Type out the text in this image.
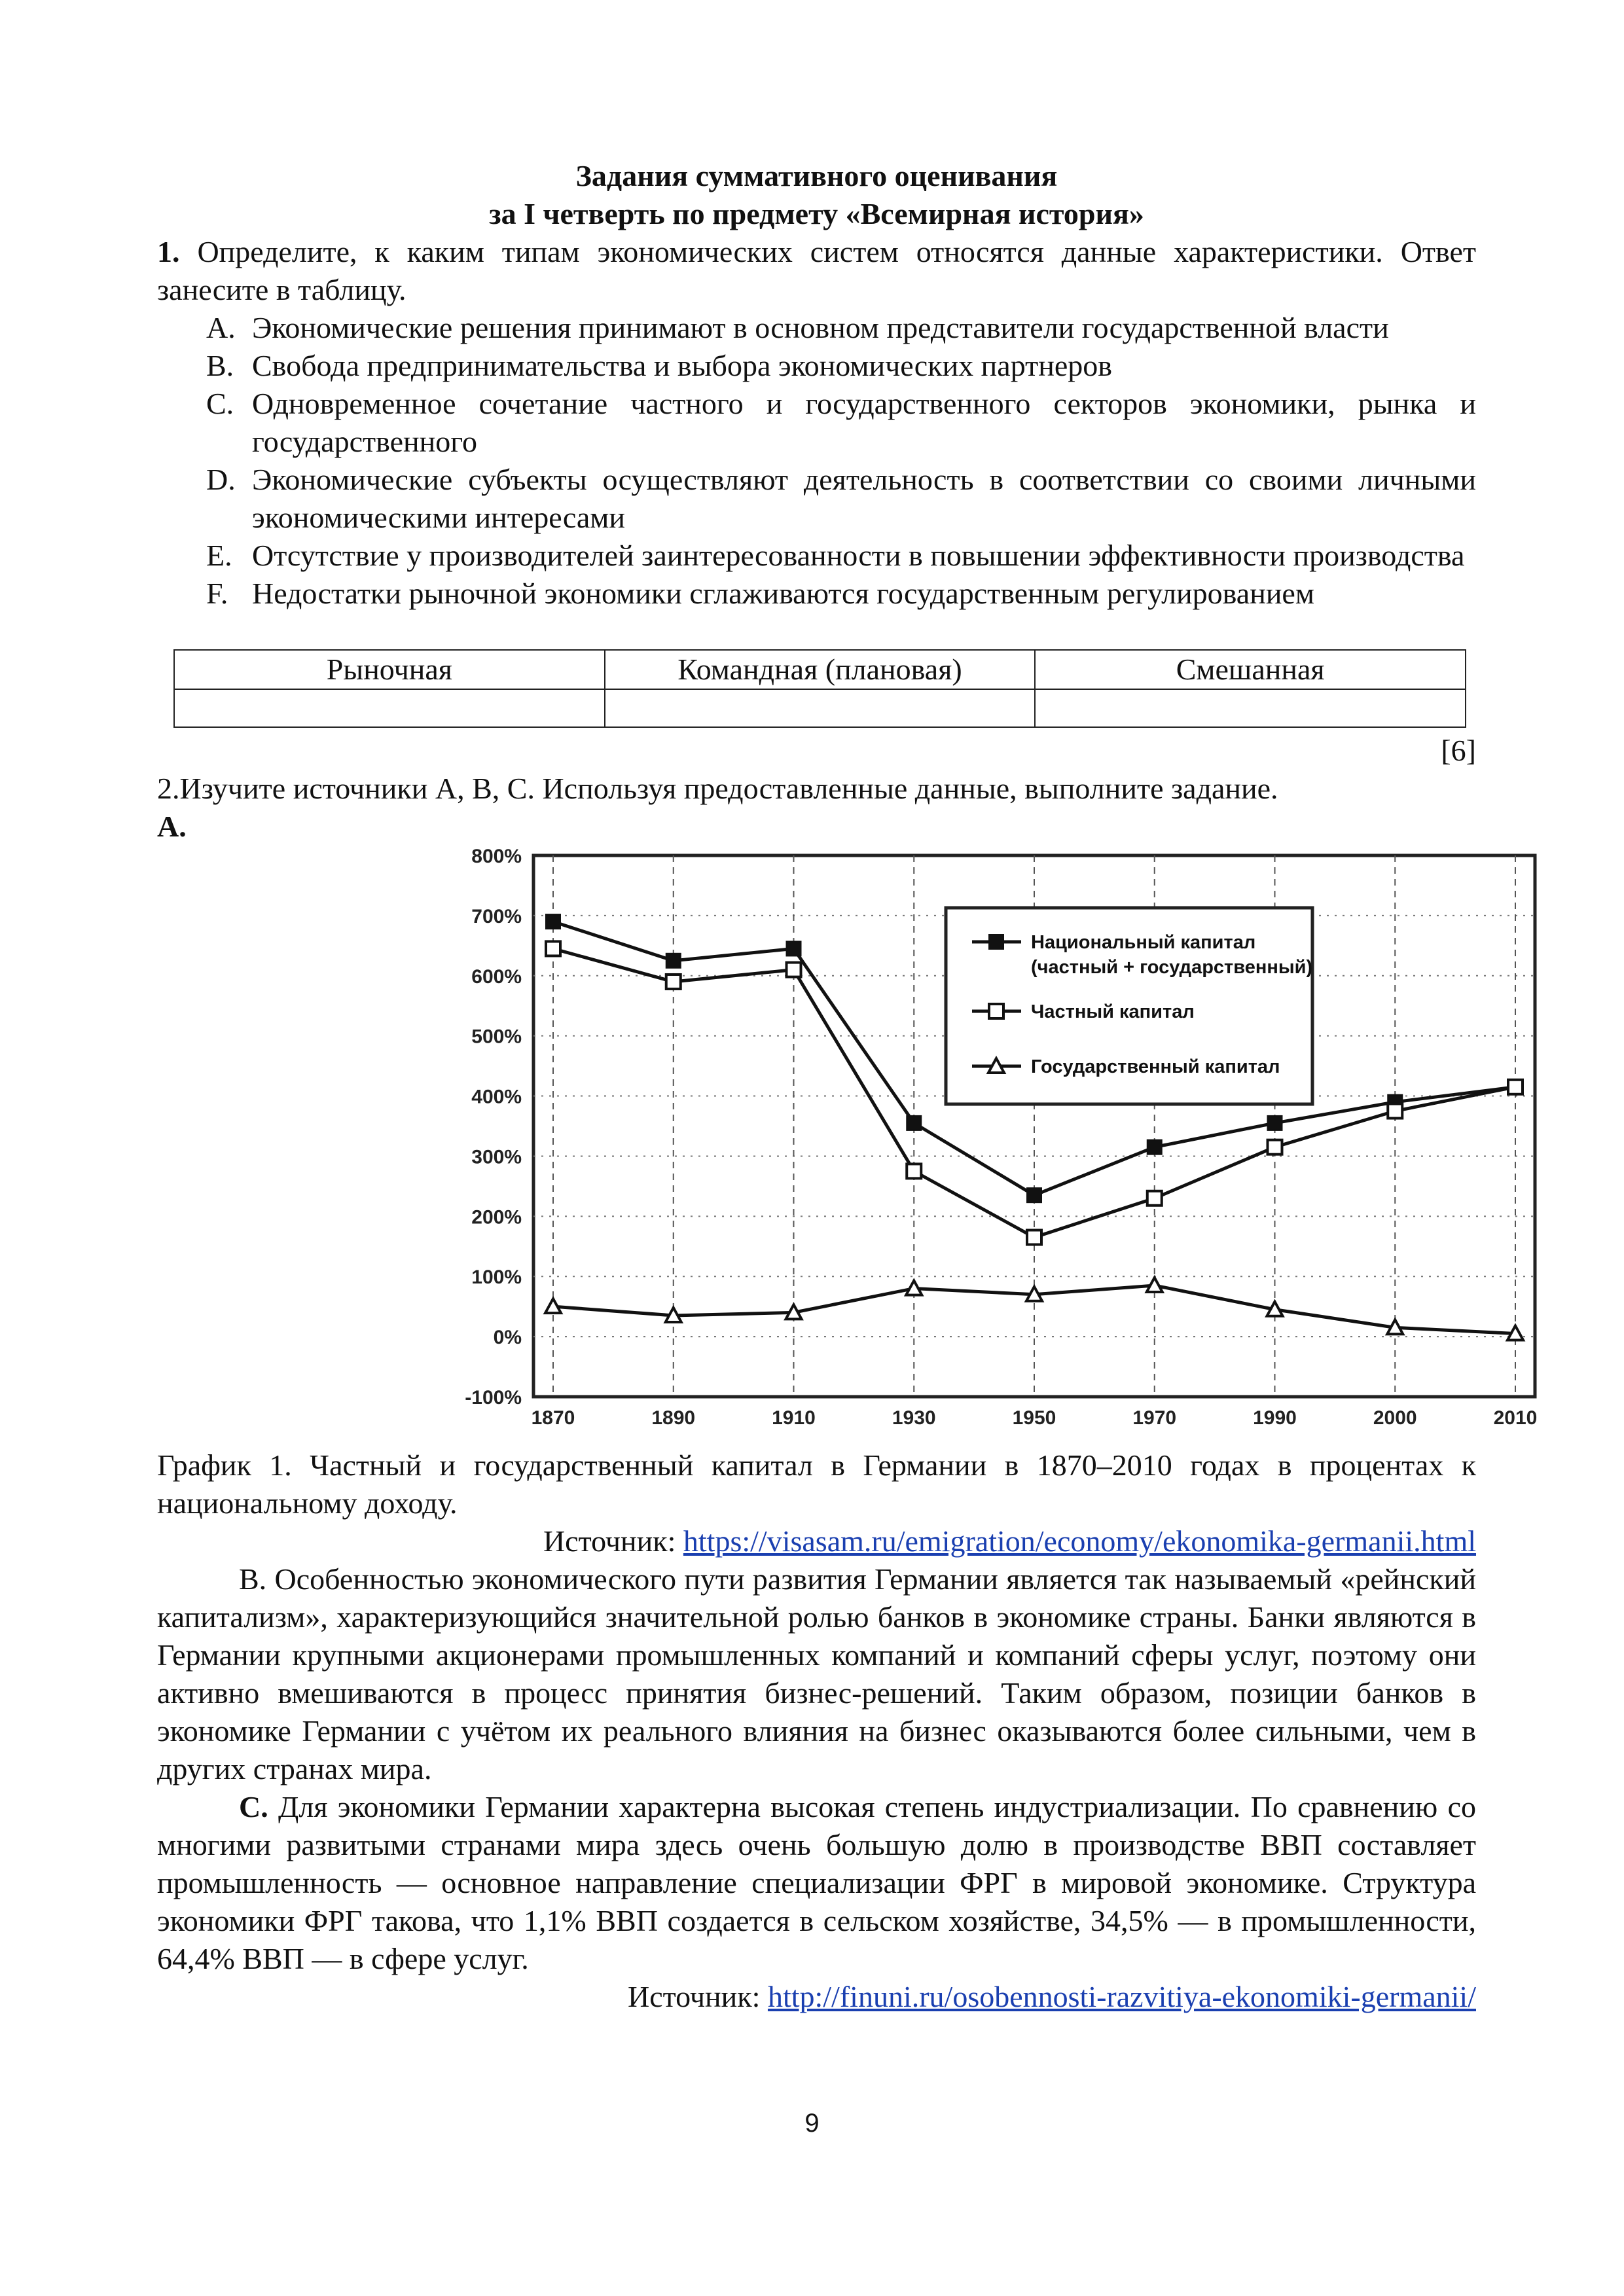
Задания суммативного оценивания

за I четверть по предмету «Всемирная история»

1. Определите, к каким типам экономических систем относятся данные характеристики. Ответ занесите в таблицу.

A. Экономические решения принимают в основном представители государственной власти
B. Свобода предпринимательства и выбора экономических партнеров
C. Одновременное сочетание частного и государственного секторов экономики, рынка и государственного
D. Экономические субъекты осуществляют деятельность в соответствии со своими личными экономическими интересами
E. Отсутствие у производителей заинтересованности в повышении эффективности производства
F. Недостатки рыночной экономики сглаживаются государственным регулированием
Рыночная	Командная (плановая)	Смешанная

[6]

2.Изучите источники А, В, С. Используя предоставленные данные, выполните задание.

A.

800%
700%
600%
500%
400%
300%
200%
100%
0%
-100%
1870	1890	1910	1930	1950	1970	1990	2000	2010
Национальный капитал (частный + государственный)
Частный капитал
Государственный капитал

График 1. Частный и государственный капитал в Германии в 1870–2010 годах в процентах к национальному доходу.

Источник: https://visasam.ru/emigration/economy/ekonomika-germanii.html

B. Особенностью экономического пути развития Германии является так называемый «рейнский капитализм», характеризующийся значительной ролью банков в экономике страны. Банки являются в Германии крупными акционерами промышленных компаний и компаний сферы услуг, поэтому они активно вмешиваются в процесс принятия бизнес-решений. Таким образом, позиции банков в экономике Германии с учётом их реального влияния на бизнес оказываются более сильными, чем в других странах мира.

C. Для экономики Германии характерна высокая степень индустриализации. По сравнению со многими развитыми странами мира здесь очень большую долю в производстве ВВП составляет промышленность — основное направление специализации ФРГ в мировой экономике. Структура экономики ФРГ такова, что 1,1% ВВП создается в сельском хозяйстве, 34,5% — в промышленности, 64,4% ВВП — в сфере услуг.

Источник: http://finuni.ru/osobennosti-razvitiya-ekonomiki-germanii/

9
